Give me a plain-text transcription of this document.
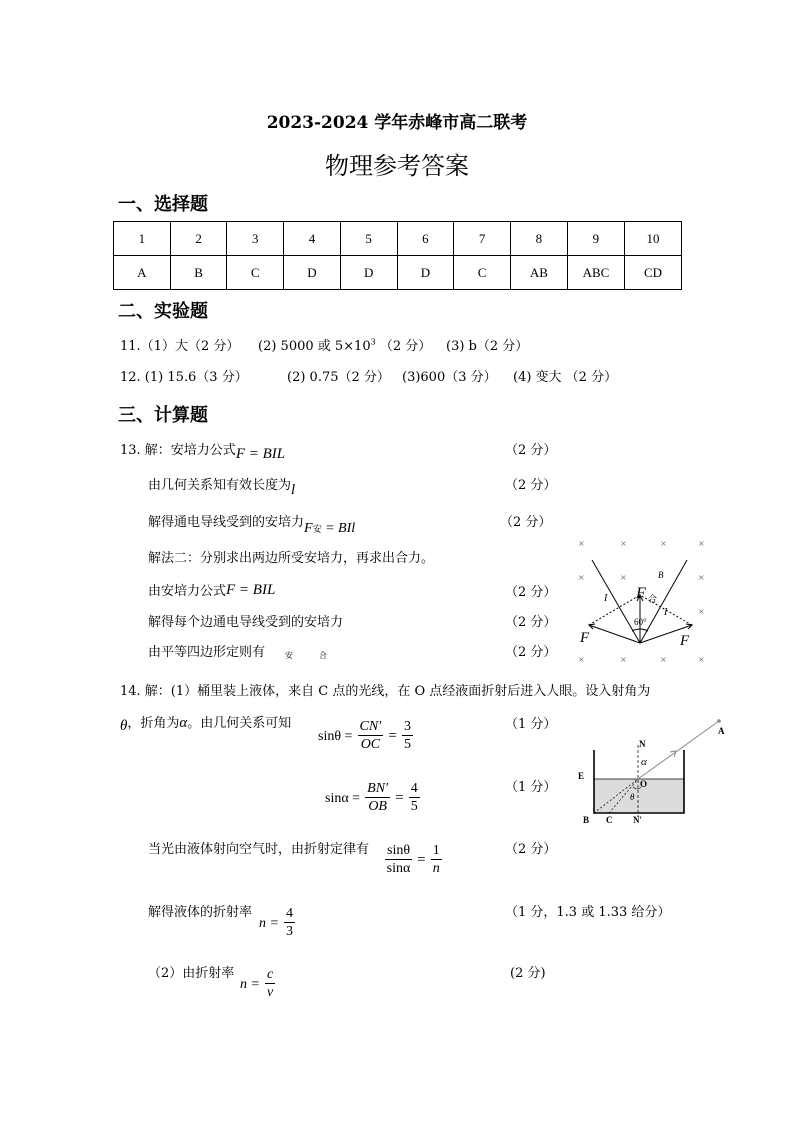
2023-2024 学年赤峰市高二联考
物理参考答案
一、选择题
1	2	3	4	5	6	7	8	9	10
A	B	C	D	D	D	C	AB	ABC	CD
二、实验题
11.（1）大（2 分） (2) 5000 或 $5\times 10^3$ （2 分） (3) b（2 分）
12. (1) 15.6（3 分）	(2) 0.75（2 分） (3)600（3 分） (4) 变大 （2 分）
三、计算题
13. 解：安培力公式F = BIL	（2 分）
由几何关系知有效长度为l	（2 分）
解得通电导线受到的安培力F安 = BIl	（2 分）
解法二：分别求出两边所受安培力，再求出合力。
由安培力公式F = BIL	（2 分）
解得每个边通电导线受到的安培力	（2 分）
由平等四边形定则有 安	合	（2 分）
×	×	×	×
×	×	×
×
×	×	×	×
I
I
B
F 合
60°
F	F
14. 解：(1）桶里装上液体，来自 C 点的光线，在 O 点经液面折射后进入人眼。设入射角为
θ，折角为α。由几何关系可知
$\sin\theta = \frac{CN'}{OC} = \frac{3}{5}$	（1 分）
$\sin\alpha = \frac{BN'}{OB} = \frac{4}{5}$	（1 分）
当光由液体射向空气时，由折射定律有 $\frac{\sin\theta}{\sin\alpha} = \frac{1}{n}$	（2 分）
解得液体的折射率
$n = \frac{4}{3}$	（1 分，1.3 或 1.33 给分）
（2）由折射率
$n = \frac{c}{v}$	(2 分)
N
A
E
O
B C N′
α
θ
